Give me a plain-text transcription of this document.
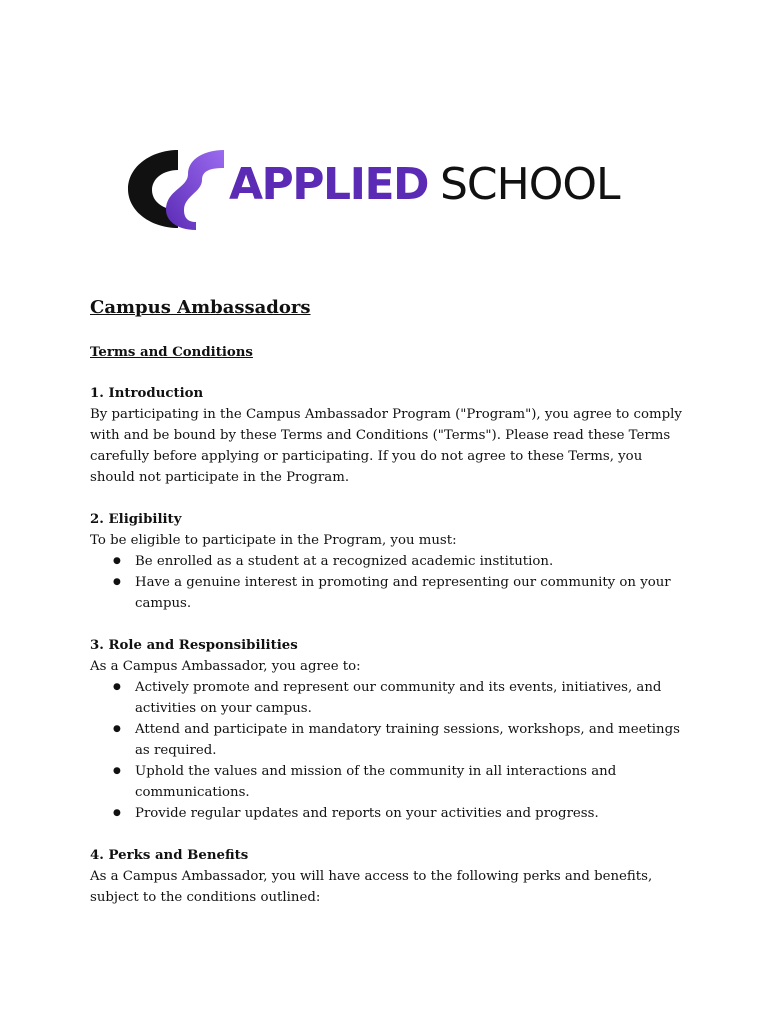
APPLIED SCHOOL
Campus Ambassadors
Terms and Conditions

1. Introduction

By participating in the Campus Ambassador Program ("Program"), you agree to comply with and be bound by these Terms and Conditions ("Terms"). Please read these Terms carefully before applying or participating. If you do not agree to these Terms, you should not participate in the Program.

2. Eligibility

To be eligible to participate in the Program, you must:

● Be enrolled as a student at a recognized academic institution.
● Have a genuine interest in promoting and representing our community on your campus.

3. Role and Responsibilities

As a Campus Ambassador, you agree to:

● Actively promote and represent our community and its events, initiatives, and activities on your campus.
● Attend and participate in mandatory training sessions, workshops, and meetings as required.
● Uphold the values and mission of the community in all interactions and communications.
● Provide regular updates and reports on your activities and progress.

4. Perks and Benefits

As a Campus Ambassador, you will have access to the following perks and benefits, subject to the conditions outlined:
